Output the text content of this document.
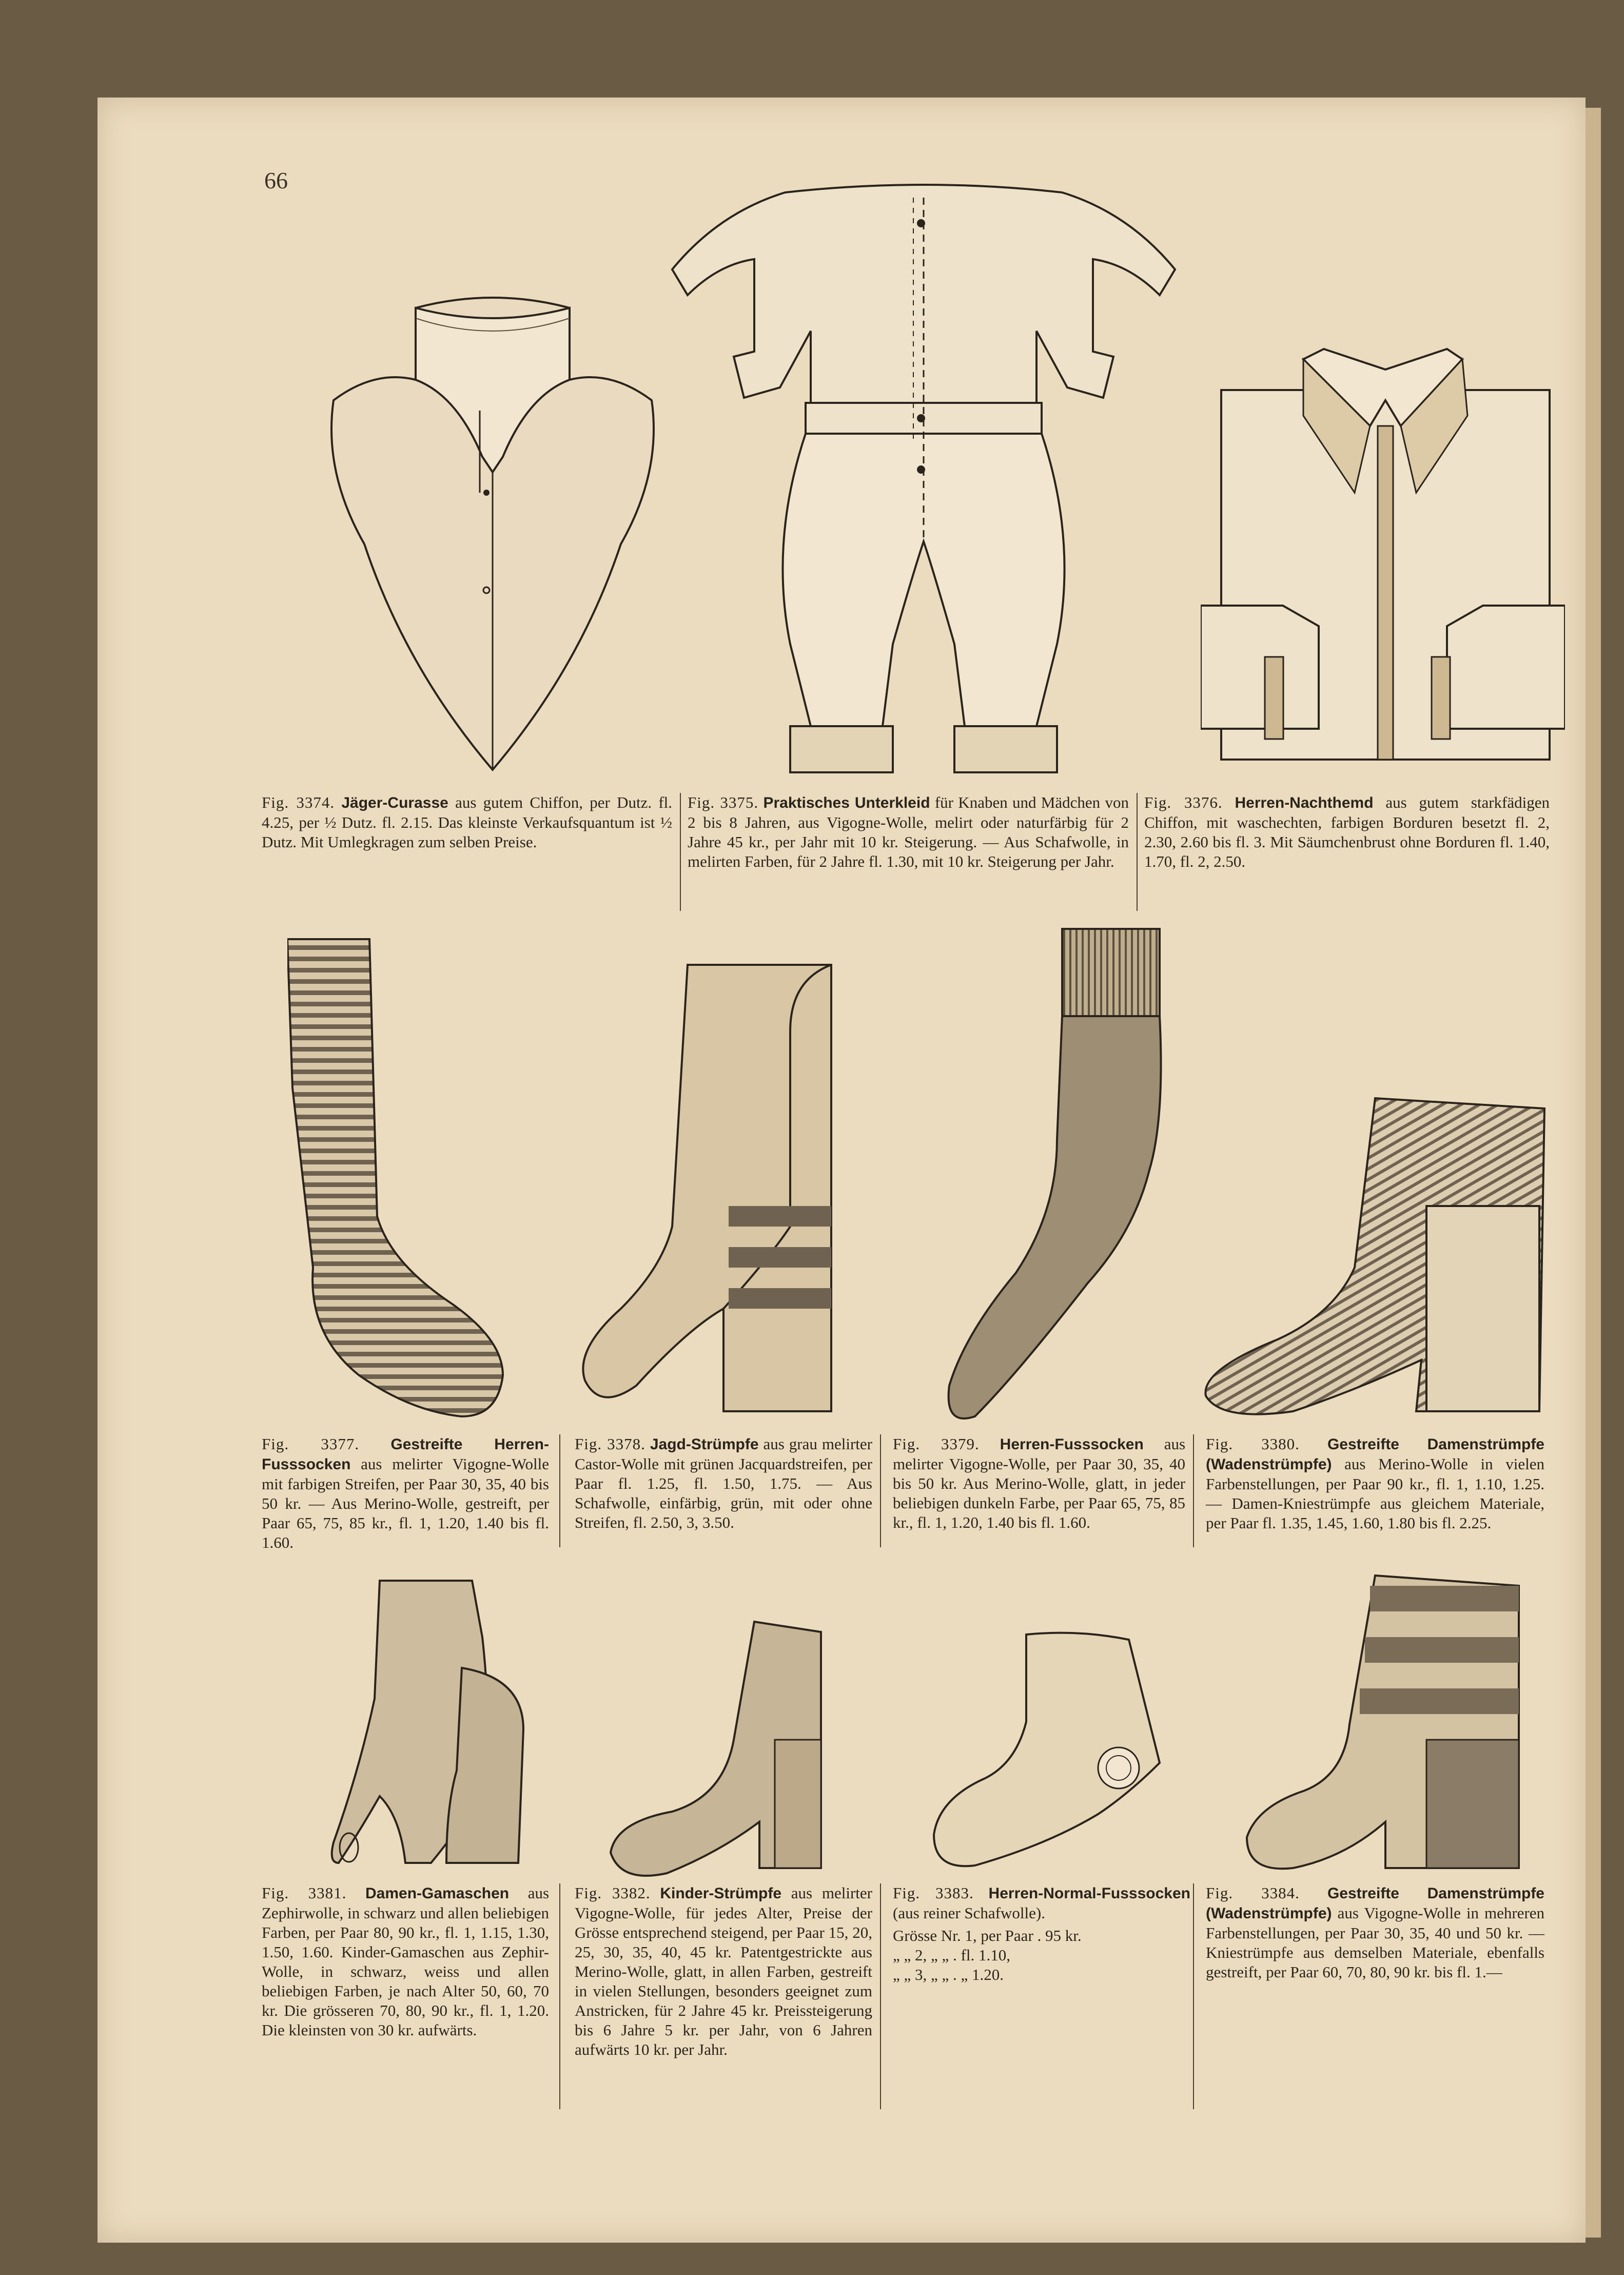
66
Fig. 3374. Jäger-Curasse aus gutem Chiffon, per Dutz. fl. 4.25, per ½ Dutz. fl. 2.15. Das kleinste Verkaufsquantum ist ½ Dutz. Mit Umlegkragen zum selben Preise.
Fig. 3375. Praktisches Unterkleid für Knaben und Mädchen von 2 bis 8 Jahren, aus Vigogne-Wolle, melirt oder naturfärbig für 2 Jahre 45 kr., per Jahr mit 10 kr. Steigerung. — Aus Schafwolle, in melirten Farben, für 2 Jahre fl. 1.30, mit 10 kr. Steigerung per Jahr.
Fig. 3376. Herren-Nachthemd aus gutem starkfädigen Chiffon, mit waschechten, farbigen Borduren besetzt fl. 2, 2.30, 2.60 bis fl. 3. Mit Säumchenbrust ohne Borduren fl. 1.40, 1.70, fl. 2, 2.50.
Fig. 3377. Gestreifte Herren-Fusssocken aus melirter Vigogne-Wolle mit farbigen Streifen, per Paar 30, 35, 40 bis 50 kr. — Aus Merino-Wolle, gestreift, per Paar 65, 75, 85 kr., fl. 1, 1.20, 1.40 bis fl. 1.60.
Fig. 3378. Jagd-Strümpfe aus grau melirter Castor-Wolle mit grünen Jacquardstreifen, per Paar fl. 1.25, fl. 1.50, 1.75. — Aus Schafwolle, einfärbig, grün, mit oder ohne Streifen, fl. 2.50, 3, 3.50.
Fig. 3379. Herren-Fusssocken aus melirter Vigogne-Wolle, per Paar 30, 35, 40 bis 50 kr. Aus Merino-Wolle, glatt, in jeder beliebigen dunkeln Farbe, per Paar 65, 75, 85 kr., fl. 1, 1.20, 1.40 bis fl. 1.60.
Fig. 3380. Gestreifte Damenstrümpfe (Wadenstrümpfe) aus Merino-Wolle in vielen Farbenstellungen, per Paar 90 kr., fl. 1, 1.10, 1.25. — Damen-Kniestrümpfe aus gleichem Materiale, per Paar fl. 1.35, 1.45, 1.60, 1.80 bis fl. 2.25.
Fig. 3381. Damen-Gamaschen aus Zephirwolle, in schwarz und allen beliebigen Farben, per Paar 80, 90 kr., fl. 1, 1.15, 1.30, 1.50, 1.60. Kinder-Gamaschen aus Zephir-Wolle, in schwarz, weiss und allen beliebigen Farben, je nach Alter 50, 60, 70 kr. Die grösseren 70, 80, 90 kr., fl. 1, 1.20. Die kleinsten von 30 kr. aufwärts.
Fig. 3382. Kinder-Strümpfe aus melirter Vigogne-Wolle, für jedes Alter, Preise der Grösse entsprechend steigend, per Paar 15, 20, 25, 30, 35, 40, 45 kr. Patentgestrickte aus Merino-Wolle, glatt, in allen Farben, gestreift in vielen Stellungen, besonders geeignet zum Anstricken, für 2 Jahre 45 kr. Preissteigerung bis 6 Jahre 5 kr. per Jahr, von 6 Jahren aufwärts 10 kr. per Jahr.
Fig. 3383. Herren-Normal-Fusssocken (aus reiner Schafwolle).
Grösse Nr. 1, per Paar . 95 kr.
„ „ 2, „ „ . fl. 1.10,
„ „ 3, „ „ . „ 1.20.
Fig. 3384. Gestreifte Damenstrümpfe (Wadenstrümpfe) aus Vigogne-Wolle in mehreren Farbenstellungen, per Paar 30, 35, 40 und 50 kr. — Kniestrümpfe aus demselben Materiale, ebenfalls gestreift, per Paar 60, 70, 80, 90 kr. bis fl. 1.—
